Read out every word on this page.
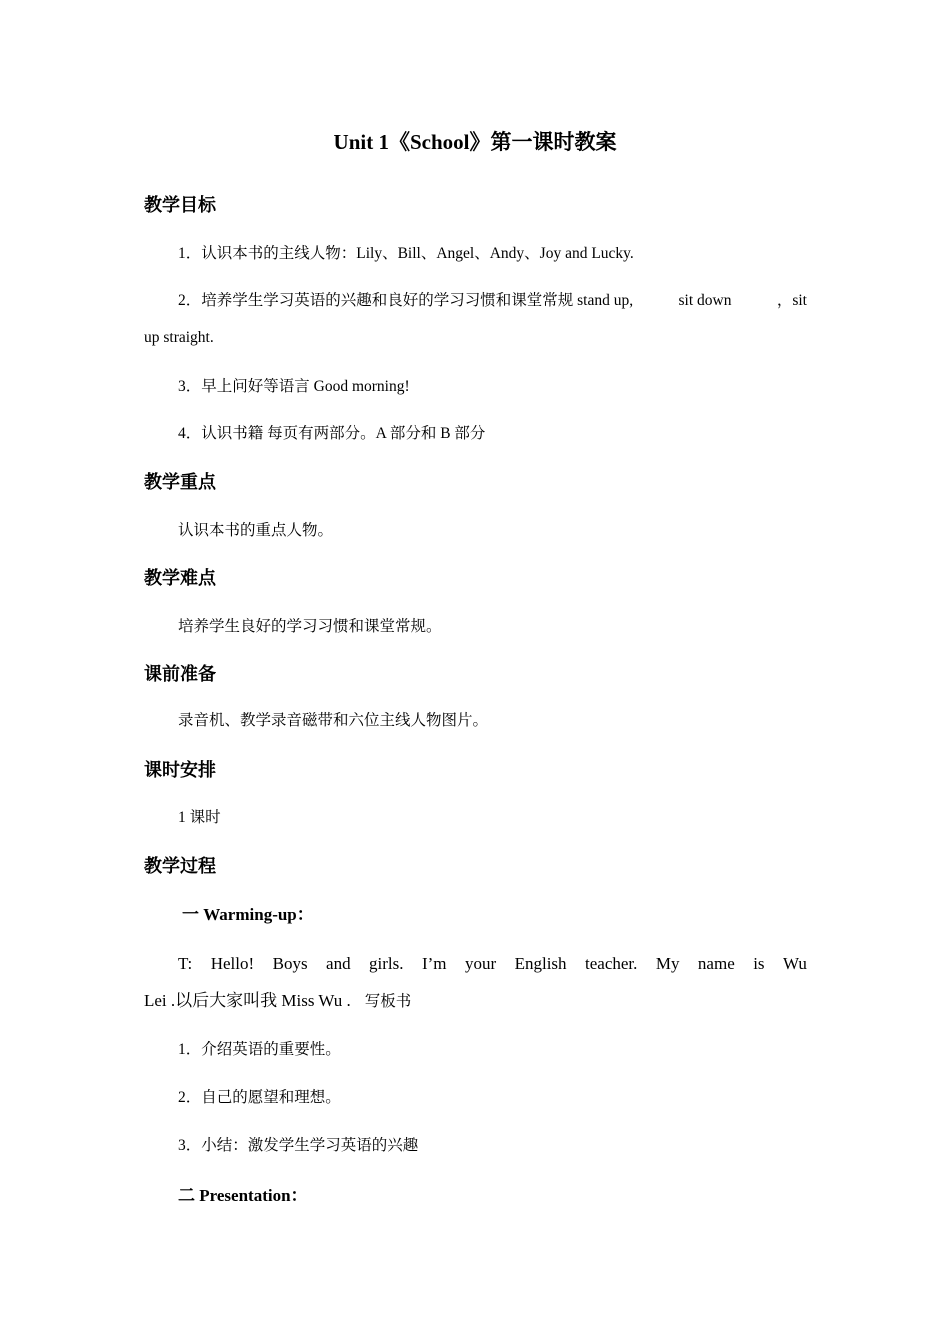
Unit 1《School》第一课时教案
教学目标
1．认识本书的主线人物：Lily、Bill、Angel、Andy、Joy and Lucky.
2．培养学生学习英语的兴趣和良好的学习习惯和课堂常规 stand up,	sit down	，sit
up straight.
3．早上问好等语言 Good morning!
4．认识书籍 每页有两部分。A 部分和 B 部分
教学重点
认识本书的重点人物。
教学难点
培养学生良好的学习习惯和课堂常规。
课前准备
录音机、教学录音磁带和六位主线人物图片。
课时安排
1 课时
教学过程
一 Warming-up：
T: Hello! Boys and girls. I’m your English teacher. My name is Wu
Lei .以后大家叫我 Miss Wu . 写板书
1．介绍英语的重要性。
2．自己的愿望和理想。
3．小结：激发学生学习英语的兴趣
二 Presentation：
